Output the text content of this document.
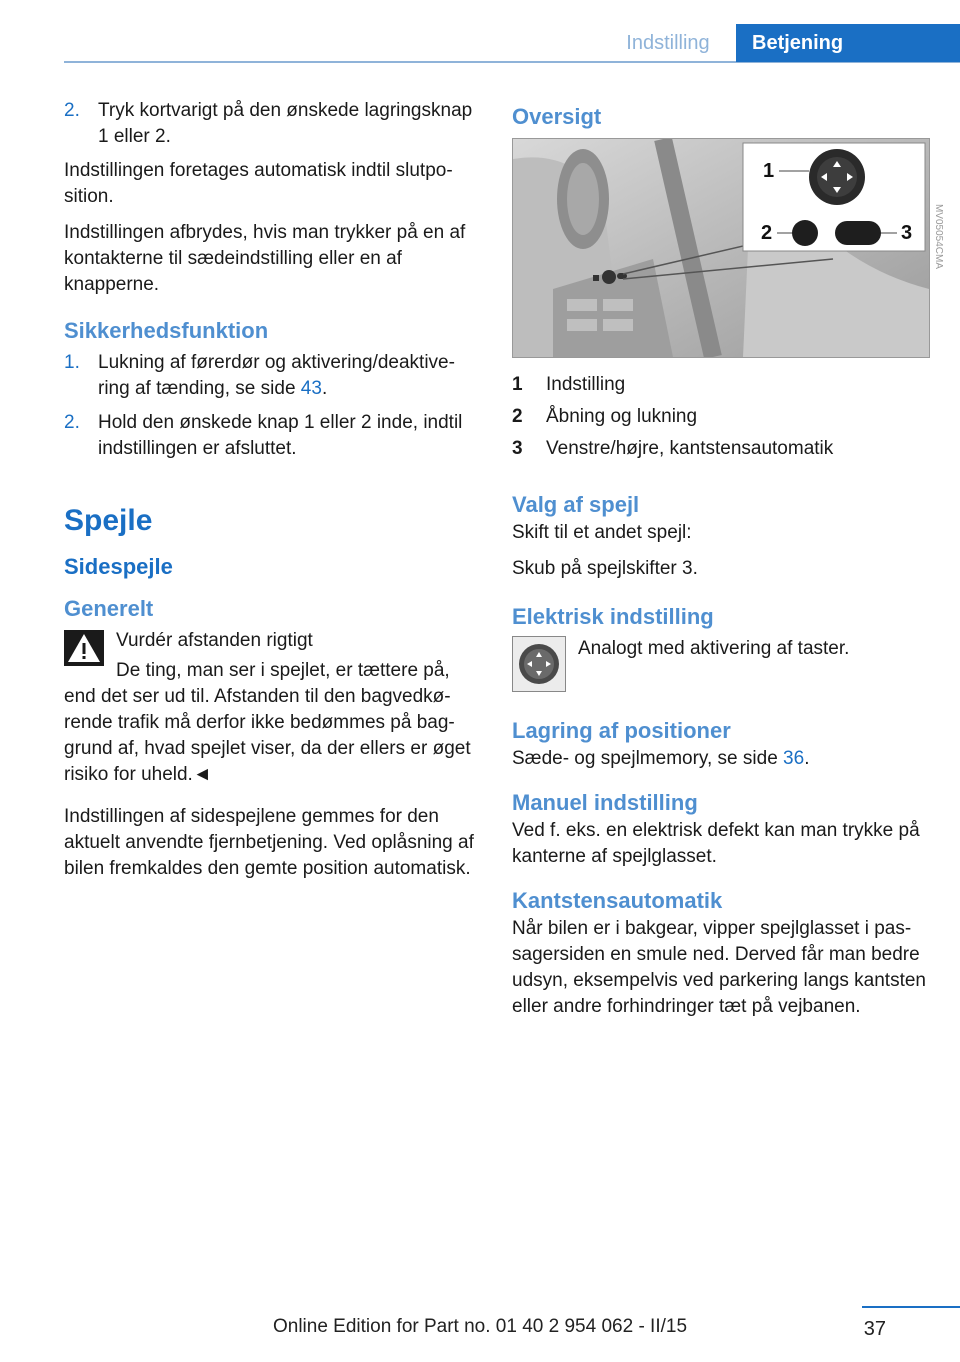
Indstilling	Betjening
2. Tryk kortvarigt på den ønskede lagringsknap 1 eller 2.

Indstillingen foretages automatisk indtil slutposition.

Indstillingen afbrydes, hvis man trykker på en af kontakterne til sædeindstilling eller en af knapperne.

Sikkerhedsfunktion
1. Lukning af førerdør og aktivering/deaktivering af tænding, se side 43.
2. Hold den ønskede knap 1 eller 2 inde, indtil indstillingen er afsluttet.
Spejle
Sidespejle
Generelt

Vurdér afstanden rigtigt

De ting, man ser i spejlet, er tættere på, end det ser ud til. Afstanden til den bagvedkørende trafik må derfor ikke bedømmes på baggrund af, hvad spejlet viser, da der ellers er øget risiko for uheld.◄

Indstillingen af sidespejlene gemmes for den aktuelt anvendte fjernbetjening. Ved oplåsning af bilen fremkaldes den gemte position automatisk.

Oversigt
1
2	3	MV05054CMA
1	Indstilling
2	Åbning og lukning
3	Venstre/højre, kantstensautomatik
Valg af spejl

Skift til et andet spejl:

Skub på spejlskifter 3.

Elektrisk indstilling

Analogt med aktivering af taster.

Lagring af positioner

Sæde- og spejlmemory, se side 36.

Manuel indstilling

Ved f. eks. en elektrisk defekt kan man trykke på kanterne af spejlglasset.

Kantstensautomatik

Når bilen er i bakgear, vipper spejlglasset i passagersiden en smule ned. Derved får man bedre udsyn, eksempelvis ved parkering langs kantsten eller andre forhindringer tæt på vejbanen.

37
Online Edition for Part no. 01 40 2 954 062 - II/15
